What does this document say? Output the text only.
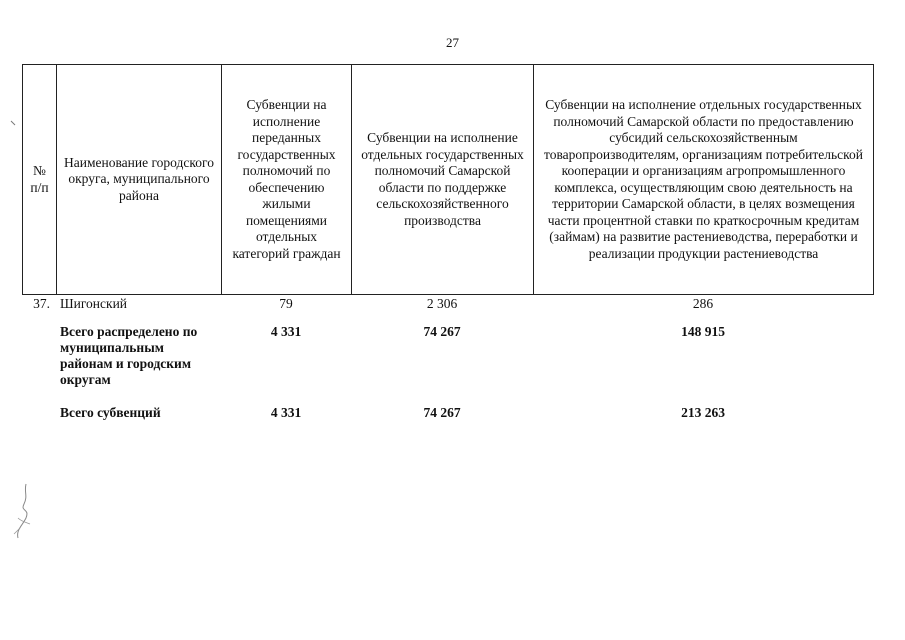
27
№
п/п	Наименование городского округа, муниципального района	Субвенции на исполнение переданных государственных полномочий по обеспечению жилыми помещениями отдельных категорий граждан	Субвенции на исполнение отдельных государственных полномочий Самарской области по поддержке сельскохозяйственного производства	Субвенции на исполнение отдельных государственных полномочий Самарской области по предоставлению субсидий сельскохозяйственным товаропроизводителям, организациям потребительской кооперации и организациям агропромышленного комплекса, осуществляющим свою деятельность на территории Самарской области, в целях возмещения части процентной ставки по краткосрочным кредитам (займам) на развитие растениеводства, переработки и реализации продукции растениеводства
37.	Шигонский	79	2 306	286
	Всего распределено по муниципальным районам и городским округам	4 331	74 267	148 915
	Всего субвенций	4 331	74 267	213 263
